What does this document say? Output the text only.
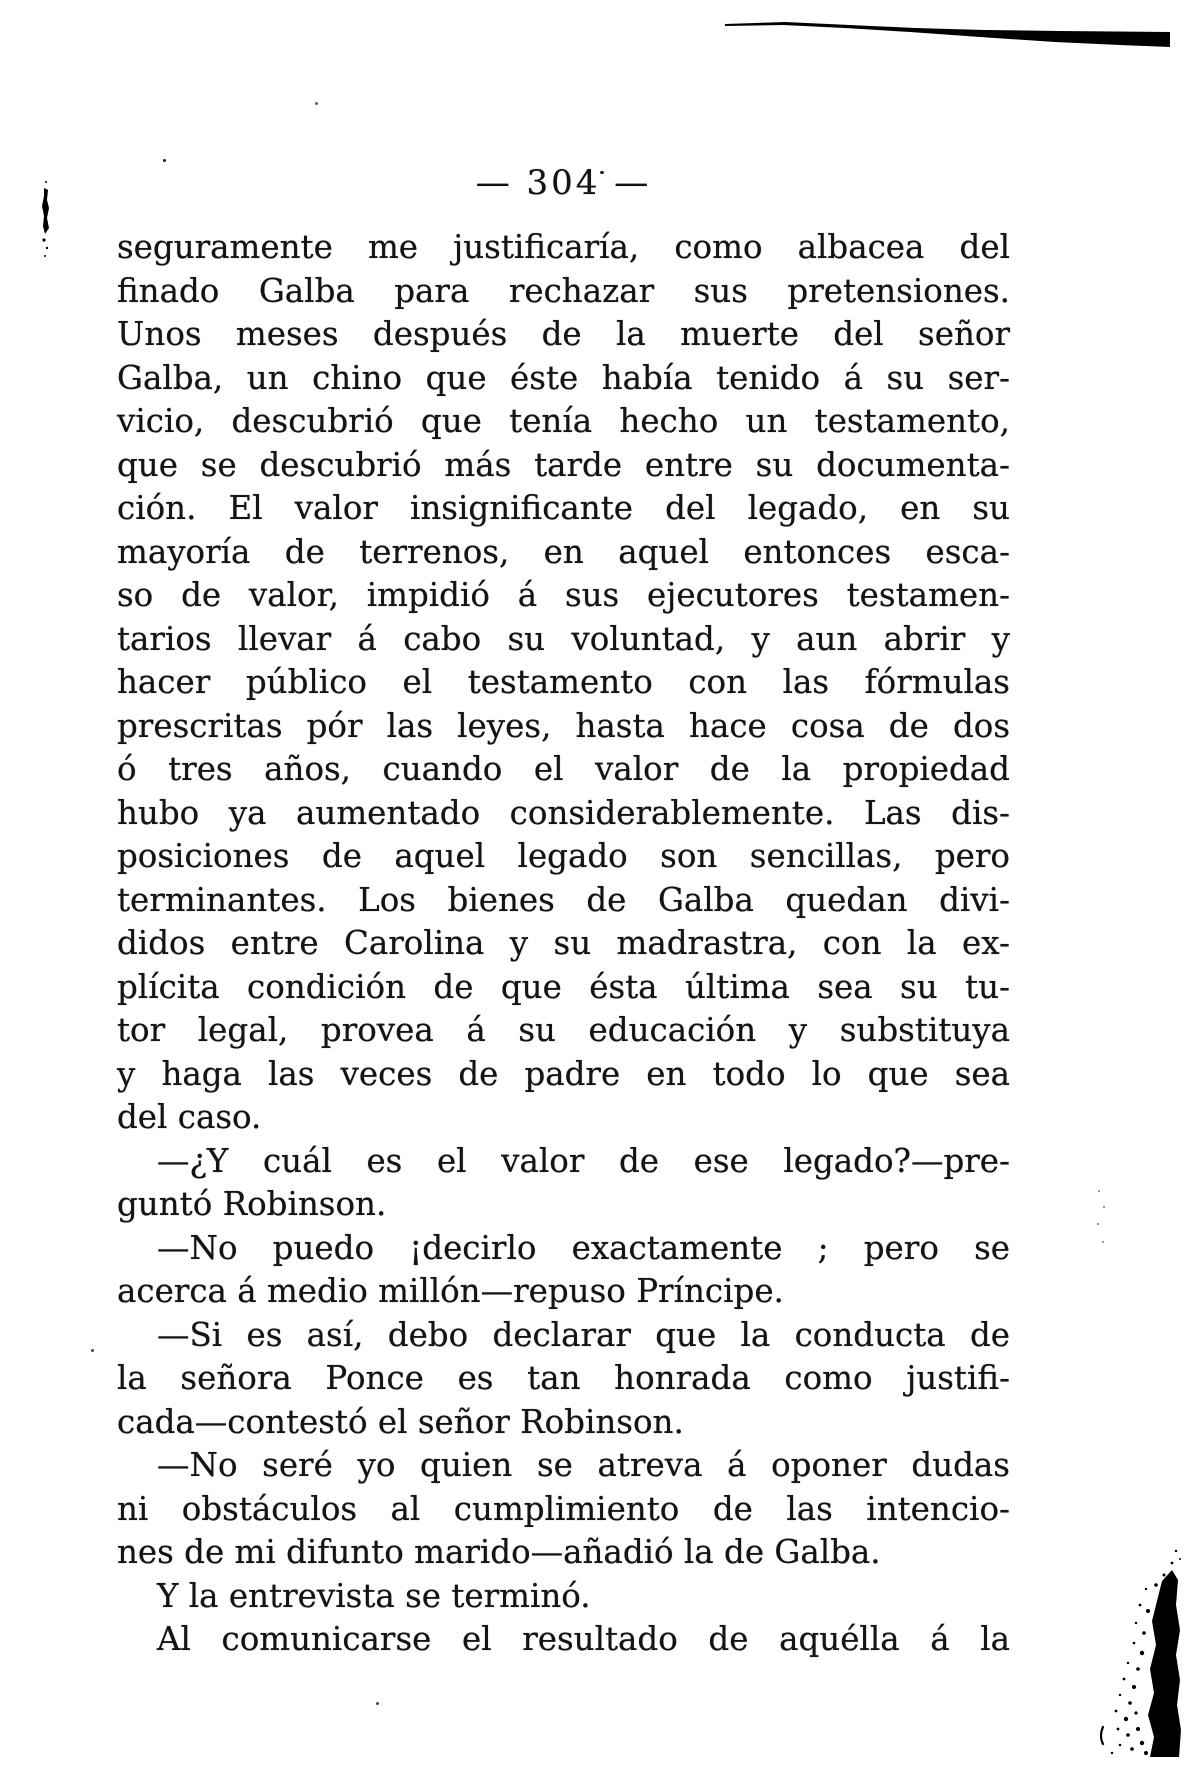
— 304 —
seguramente me justificaría, como albacea del
finado Galba para rechazar sus pretensiones.
Unos meses después de la muerte del señor
Galba, un chino que éste había tenido á su ser-
vicio, descubrió que tenía hecho un testamento,
que se descubrió más tarde entre su documenta-
ción. El valor insignificante del legado, en su
mayoría de terrenos, en aquel entonces esca-
so de valor, impidió á sus ejecutores testamen-
tarios llevar á cabo su voluntad, y aun abrir y
hacer público el testamento con las fórmulas
prescritas pór las leyes, hasta hace cosa de dos
ó tres años, cuando el valor de la propiedad
hubo ya aumentado considerablemente. Las dis-
posiciones de aquel legado son sencillas, pero
terminantes. Los bienes de Galba quedan divi-
didos entre Carolina y su madrastra, con la ex-
plícita condición de que ésta última sea su tu-
tor legal, provea á su educación y substituya
y haga las veces de padre en todo lo que sea
del caso.
—¿Y cuál es el valor de ese legado?—pre-
guntó Robinson.
—No puedo ¡decirlo exactamente ; pero se
acerca á medio millón—repuso Príncipe.
—Si es así, debo declarar que la conducta de
la señora Ponce es tan honrada como justifi-
cada—contestó el señor Robinson.
—No seré yo quien se atreva á oponer dudas
ni obstáculos al cumplimiento de las intencio-
nes de mi difunto marido—añadió la de Galba.
Y la entrevista se terminó.
Al comunicarse el resultado de aquélla á la
